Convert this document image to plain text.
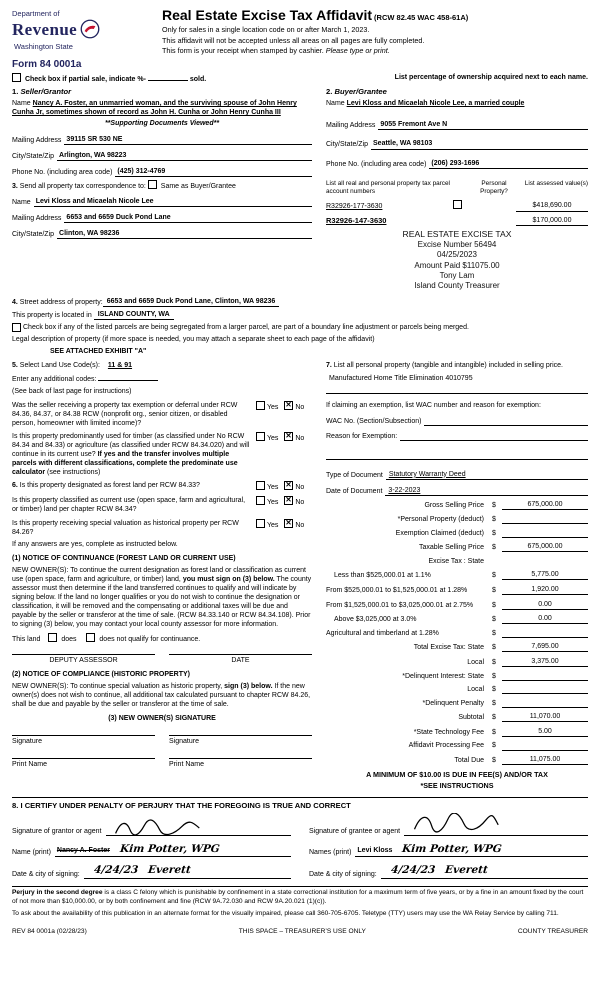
Department of
Revenue
Washington State
Real Estate Excise Tax Affidavit (RCW 82.45 WAC 458-61A)
Only for sales in a single location code on or after March 1, 2023.
This affidavit will not be accepted unless all areas on all pages are fully completed.
This form is your receipt when stamped by cashier. Please type or print.
Form 84 0001a
Check box if partial sale, indicate %-	sold.	List percentage of ownership acquired next to each name.
1. Seller/Grantor
Name Nancy A. Foster, an unmarried woman, and the surviving spouse of John Henry Cunha Jr, sometimes shown of record as John H. Cunha or John Henry Cunha III
**Supporting Documents Viewed**
Mailing Address 39115 SR 530 NE
City/State/Zip Arlington, WA 98223
Phone No. (including area code) (425) 312-4769
2. Buyer/Grantee
Name Levi Kloss and Micaelah Nicole Lee, a married couple
Mailing Address 9055 Fremont Ave N
City/State/Zip Seattle, WA 98103
Phone No. (including area code) (206) 293-1696
3. Send all property tax correspondence to: Same as Buyer/Grantee
Name Levi Kloss and Micaelah Nicole Lee
Mailing Address 6653 and 6659 Duck Pond Lane
City/State/Zip Clinton, WA 98236
List all real and personal property tax parcel account numbers
Personal Property?
List assessed value(s)
R32926-177-3630	$418,690.00
R32926-147-3630	$170,000.00
REAL ESTATE EXCISE TAX
Excise Number 56494
04/25/2023
Amount Paid $11075.00
Tony Lam
Island County Treasurer
4.
Street address of property: 6653 and 6659 Duck Pond Lane, Clinton, WA 98236
This property is located in
ISLAND COUNTY, WA
Check box if any of the listed parcels are being segregated from a larger parcel, are part of a boundary line adjustment or parcels being merged.
Legal description of property (if more space is needed, you may attach a separate sheet to each page of the affidavit)
SEE ATTACHED EXHIBIT "A"
5. Select Land Use Code(s): 11 & 91
Enter any additional codes:
(See back of last page for instructions)
Was the seller receiving a property tax exemption or deferral under RCW 84.36, 84.37, or 84.38 RCW (nonprofit org., senior citizen, or disabled person, homeowner with limited income)?
Yes ✕ No
Is this property predominantly used for timber (as classified under No RCW 84.34 and 84.33) or agriculture (as classified under RCW 84.34.020) and will continue in its current use? If yes and the transfer involves multiple parcels with different classifications, complete the predominate use calculator (see instructions)
Yes ✕ No
6. Is this property designated as forest land per RCW 84.33?	Yes ✕ No
Is this property classified as current use (open space, farm and agricultural, or timber) land per chapter RCW 84.34?
Yes ✕ No
Is this property receiving special valuation as historical property per RCW 84.26?
Yes ✕ No
If any answers are yes, complete as instructed below.
(1) NOTICE OF CONTINUANCE (FOREST LAND OR CURRENT USE)
NEW OWNER(S): To continue the current designation as forest land or classification as current use (open space, farm and agriculture, or timber) land, you must sign on (3) below. The county assessor must then determine if the land transferred continues to qualify and will indicate by signing below. If the land no longer qualifies or you do not wish to continue the designation or classification, it will be removed and the compensating or additional taxes will be due and payable by the seller or transferor at the time of sale. (RCW 84.33.140 or RCW 84.34.108). Prior to signing (3) below, you may contact your local county assessor for more information.
This land	does	does not qualify for continuance.
DEPUTY ASSESSOR	DATE
(2) NOTICE OF COMPLIANCE (HISTORIC PROPERTY)
NEW OWNER(S): To continue special valuation as historic property, sign (3) below. If the new owner(s) does not wish to continue, all additional tax calculated pursuant to chapter RCW 84.26, shall be due and payable by the seller or transferor at the time of sale.
(3) NEW OWNER(S) SIGNATURE
Signature	Signature
Print Name	Print Name
7. List all personal property (tangible and intangible) included in selling price.
Manufactured Home Title Elimination 4010795
If claiming an exemption, list WAC number and reason for exemption:
WAC No. (Section/Subsection)
Reason for Exemption:
Type of Document Statutory Warranty Deed
Date of Document 3-22-2023
Gross Selling Price	$	675,000.00
*Personal Property (deduct)	$
Exemption Claimed (deduct)	$
Taxable Selling Price	$	675,000.00
Excise Tax : State
Less than $525,000.01 at 1.1%	$	5,775.00
From $525,000.01 to $1,525,000.01 at 1.28%	$	1,920.00
From $1,525,000.01 to $3,025,000.01 at 2.75%	$	0.00
Above $3,025,000 at 3.0%	$	0.00
Agricultural and timberland at 1.28%	$
Total Excise Tax: State	$	7,695.00
Local	$	3,375.00
*Delinquent Interest: State	$
Local	$
*Delinquent Penalty	$
Subtotal	$	11,070.00
*State Technology Fee	$	5.00
Affidavit Processing Fee	$
Total Due	$	11,075.00
A MINIMUM OF $10.00 IS DUE IN FEE(S) AND/OR TAX
*SEE INSTRUCTIONS
8. I CERTIFY UNDER PENALTY OF PERJURY THAT THE FOREGOING IS TRUE AND CORRECT
Signature of grantor or agent
Name (print) Nancy A. Foster Kim Potter, WPG
Date & city of signing:	4/24/23 Everett
Signature of grantee or agent
Names (print) Levi Kloss Kim Potter, WPG
Date & city of signing:	4/24/23 Everett
Perjury in the second degree is a class C felony which is punishable by confinement in a state correctional institution for a maximum term of five years, or by a fine in an amount fixed by the court of not more than $10,000.00, or by both confinement and fine (RCW 9A.72.030 and RCW 9A.20.021 (1)(c)).
To ask about the availability of this publication in an alternate format for the visually impaired, please call 360-705-6705. Teletype (TTY) users may use the WA Relay Service by calling 711.
REV 84 0001a (02/28/23)	THIS SPACE – TREASURER’S USE ONLY	COUNTY TREASURER
